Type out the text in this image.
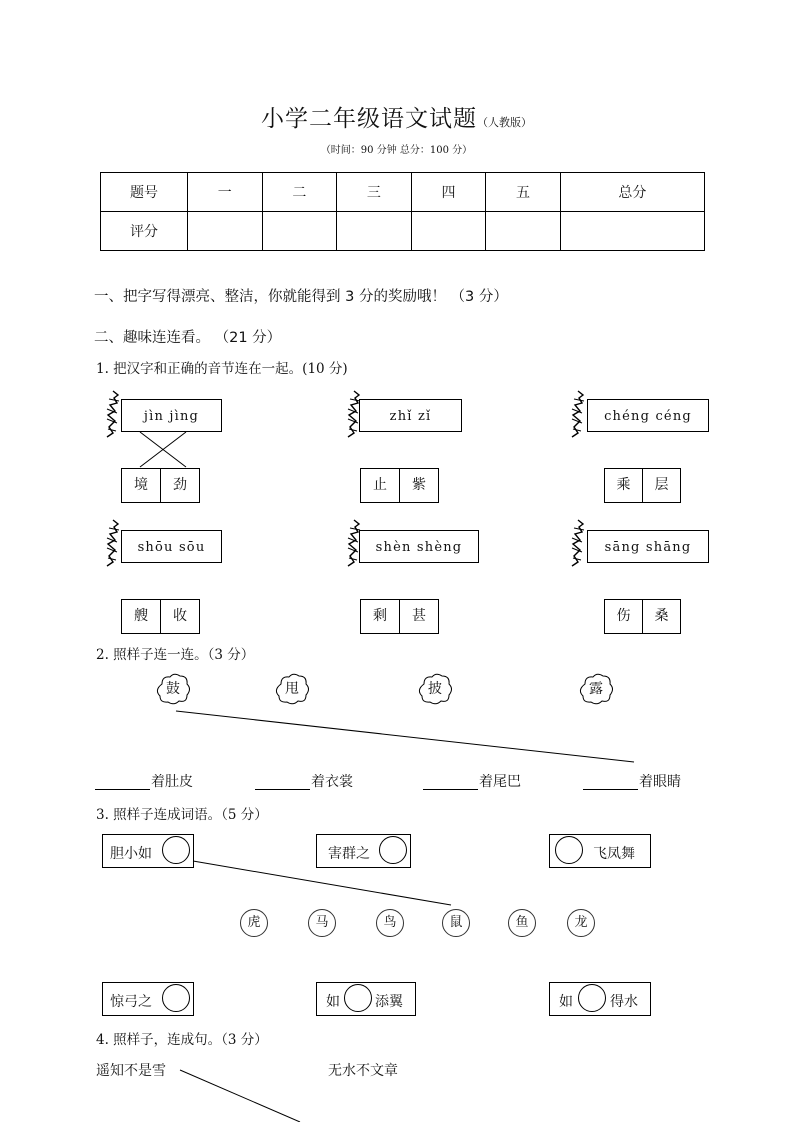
小学二年级语文试题（人教版）
（时间：90 分钟 总分：100 分）
题号	一	二	三	四	五	总分
评分						
一、把字写得漂亮、整洁，你就能得到 3 分的奖励哦！ （3 分）
二、趣味连连看。 （21 分）
1. 把汉字和正确的音节连在一起。(10 分)
jìn jìng	zhǐ zǐ	chéng céng
shōu sōu	shèn shèng	sāng shāng
境	劲	止	紫	乘	层
艘	收	剩	甚	伤	桑
2. 照样子连一连。（3 分）
鼓	甩	披	露
着肚皮	着衣裳	着尾巴	着眼睛
3. 照样子连成词语。（5 分）
胆小如	害群之	飞凤舞
虎	马	鸟	鼠	鱼	龙
惊弓之	如	添翼	如	得水
4. 照样子，连成句。（3 分）
遥知不是雪	无水不文章
